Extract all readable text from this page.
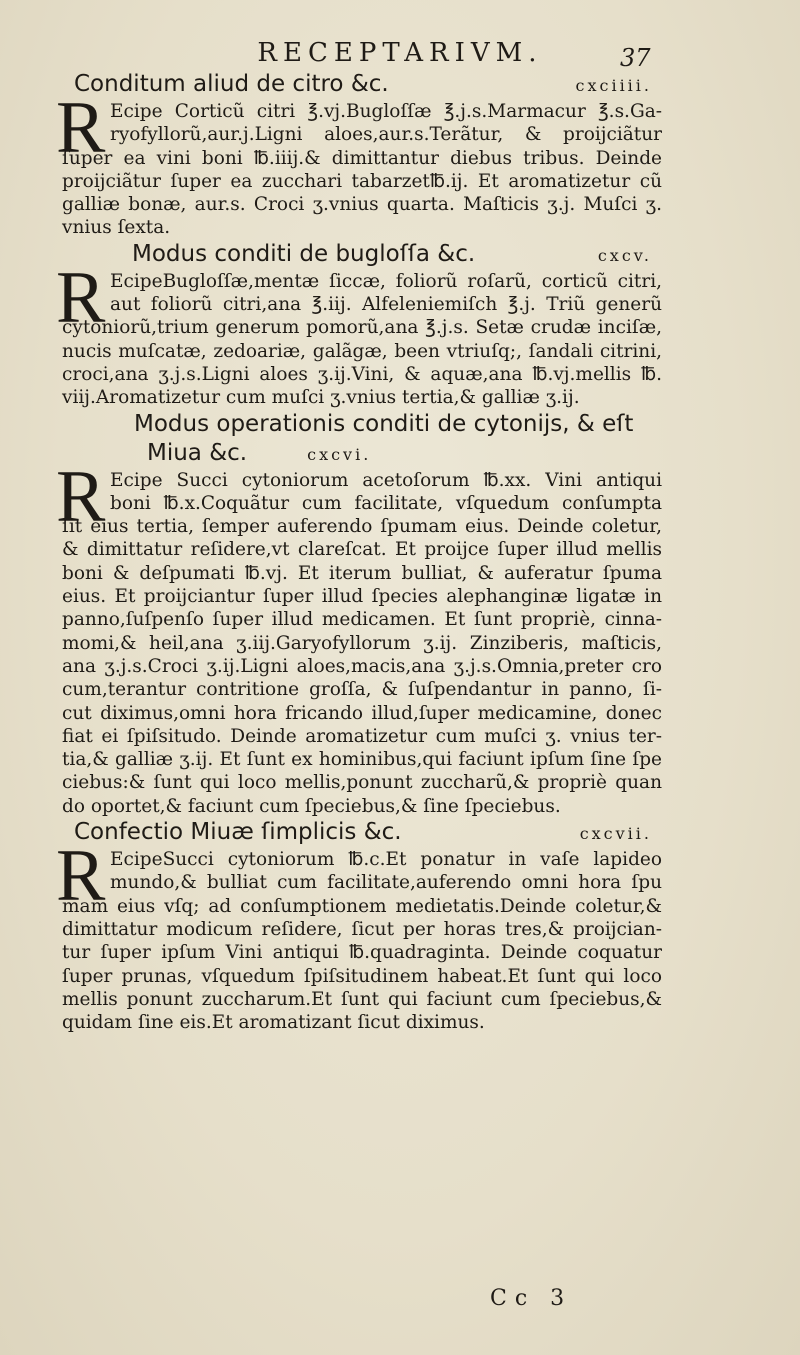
RECEPTARIVM.	37
Conditum aliud de citro &c.	cxciiii.
R Ecipe Corticũ citri ℥.vj.Bugloſſæ ℥.j.s.Marmacur ℥.s.Ga-
ryofyllorũ,aur.j.Ligni aloes,aur.s.Terãtur, & proijciãtur
ſuper ea vini boni ℔.iiij.& dimittantur diebus tribus. Deinde
proijciãtur ſuper ea zucchari tabarzet℔.ij. Et aromatizetur cũ
galliæ bonæ, aur.s. Croci ʒ.vnius quarta. Maſticis ʒ.j. Muſci ʒ.
vnius ſexta.
Modus conditi de bugloſſa &c.	cxcv.
R EcipeBugloſſæ,mentæ ſiccæ, foliorũ roſarũ, corticũ citri,
aut foliorũ citri,ana ℥.iij. Alfeleniemiſch ℥.j. Triũ generũ
cytoniorũ,trium generum pomorũ,ana ℥.j.s. Setæ crudæ inciſæ,
nucis muſcatæ, zedoariæ, galãgæ, been vtriuſq;, ſandali citrini,
croci,ana ʒ.j.s.Ligni aloes ʒ.ij.Vini, & aquæ,ana ℔.vj.mellis ℔.
viij.Aromatizetur cum muſci ʒ.vnius tertia,& galliæ ʒ.ij.
Modus operationis conditi de cytonijs, & eſt
Miua &c.	cxcvi.
R Ecipe Succi cytoniorum acetoſorum ℔.xx. Vini antiqui
boni ℔.x.Coquãtur cum facilitate, vſquedum conſumpta
ſit eius tertia, ſemper auferendo ſpumam eius. Deinde coletur,
& dimittatur reſidere,vt clareſcat. Et proijce ſuper illud mellis
boni & deſpumati ℔.vj. Et iterum bulliat, & auferatur ſpuma
eius. Et proijciantur ſuper illud ſpecies alephanginæ ligatæ in
panno,ſuſpenſo ſuper illud medicamen. Et ſunt propriè, cinna-
momi,& heil,ana ʒ.iij.Garyofyllorum ʒ.ij. Zinziberis, maſticis,
ana ʒ.j.s.Croci ʒ.ij.Ligni aloes,macis,ana ʒ.j.s.Omnia,preter cro
cum,terantur contritione groſſa, & ſuſpendantur in panno, ſi-
cut diximus,omni hora fricando illud,ſuper medicamine, donec
fiat ei ſpiſsitudo. Deinde aromatizetur cum muſci ʒ. vnius ter-
tia,& galliæ ʒ.ij. Et ſunt ex hominibus,qui faciunt ipſum ſine ſpe
ciebus:& ſunt qui loco mellis,ponunt zuccharũ,& propriè quan
do oportet,& faciunt cum ſpeciebus,& ſine ſpeciebus.
Confectio Miuæ ſimplicis &c.	cxcvii.
R EcipeSucci cytoniorum ℔.c.Et ponatur in vaſe lapideo
mundo,& bulliat cum facilitate,auferendo omni hora ſpu
mam eius vſq; ad conſumptionem medietatis.Deinde coletur,&
dimittatur modicum reſidere, ſicut per horas tres,& proijcian-
tur ſuper ipſum Vini antiqui ℔.quadraginta. Deinde coquatur
ſuper prunas, vſquedum ſpiſsitudinem habeat.Et ſunt qui loco
mellis ponunt zuccharum.Et ſunt qui faciunt cum ſpeciebus,&
quidam ſine eis.Et aromatizant ſicut diximus.
Cc 3
